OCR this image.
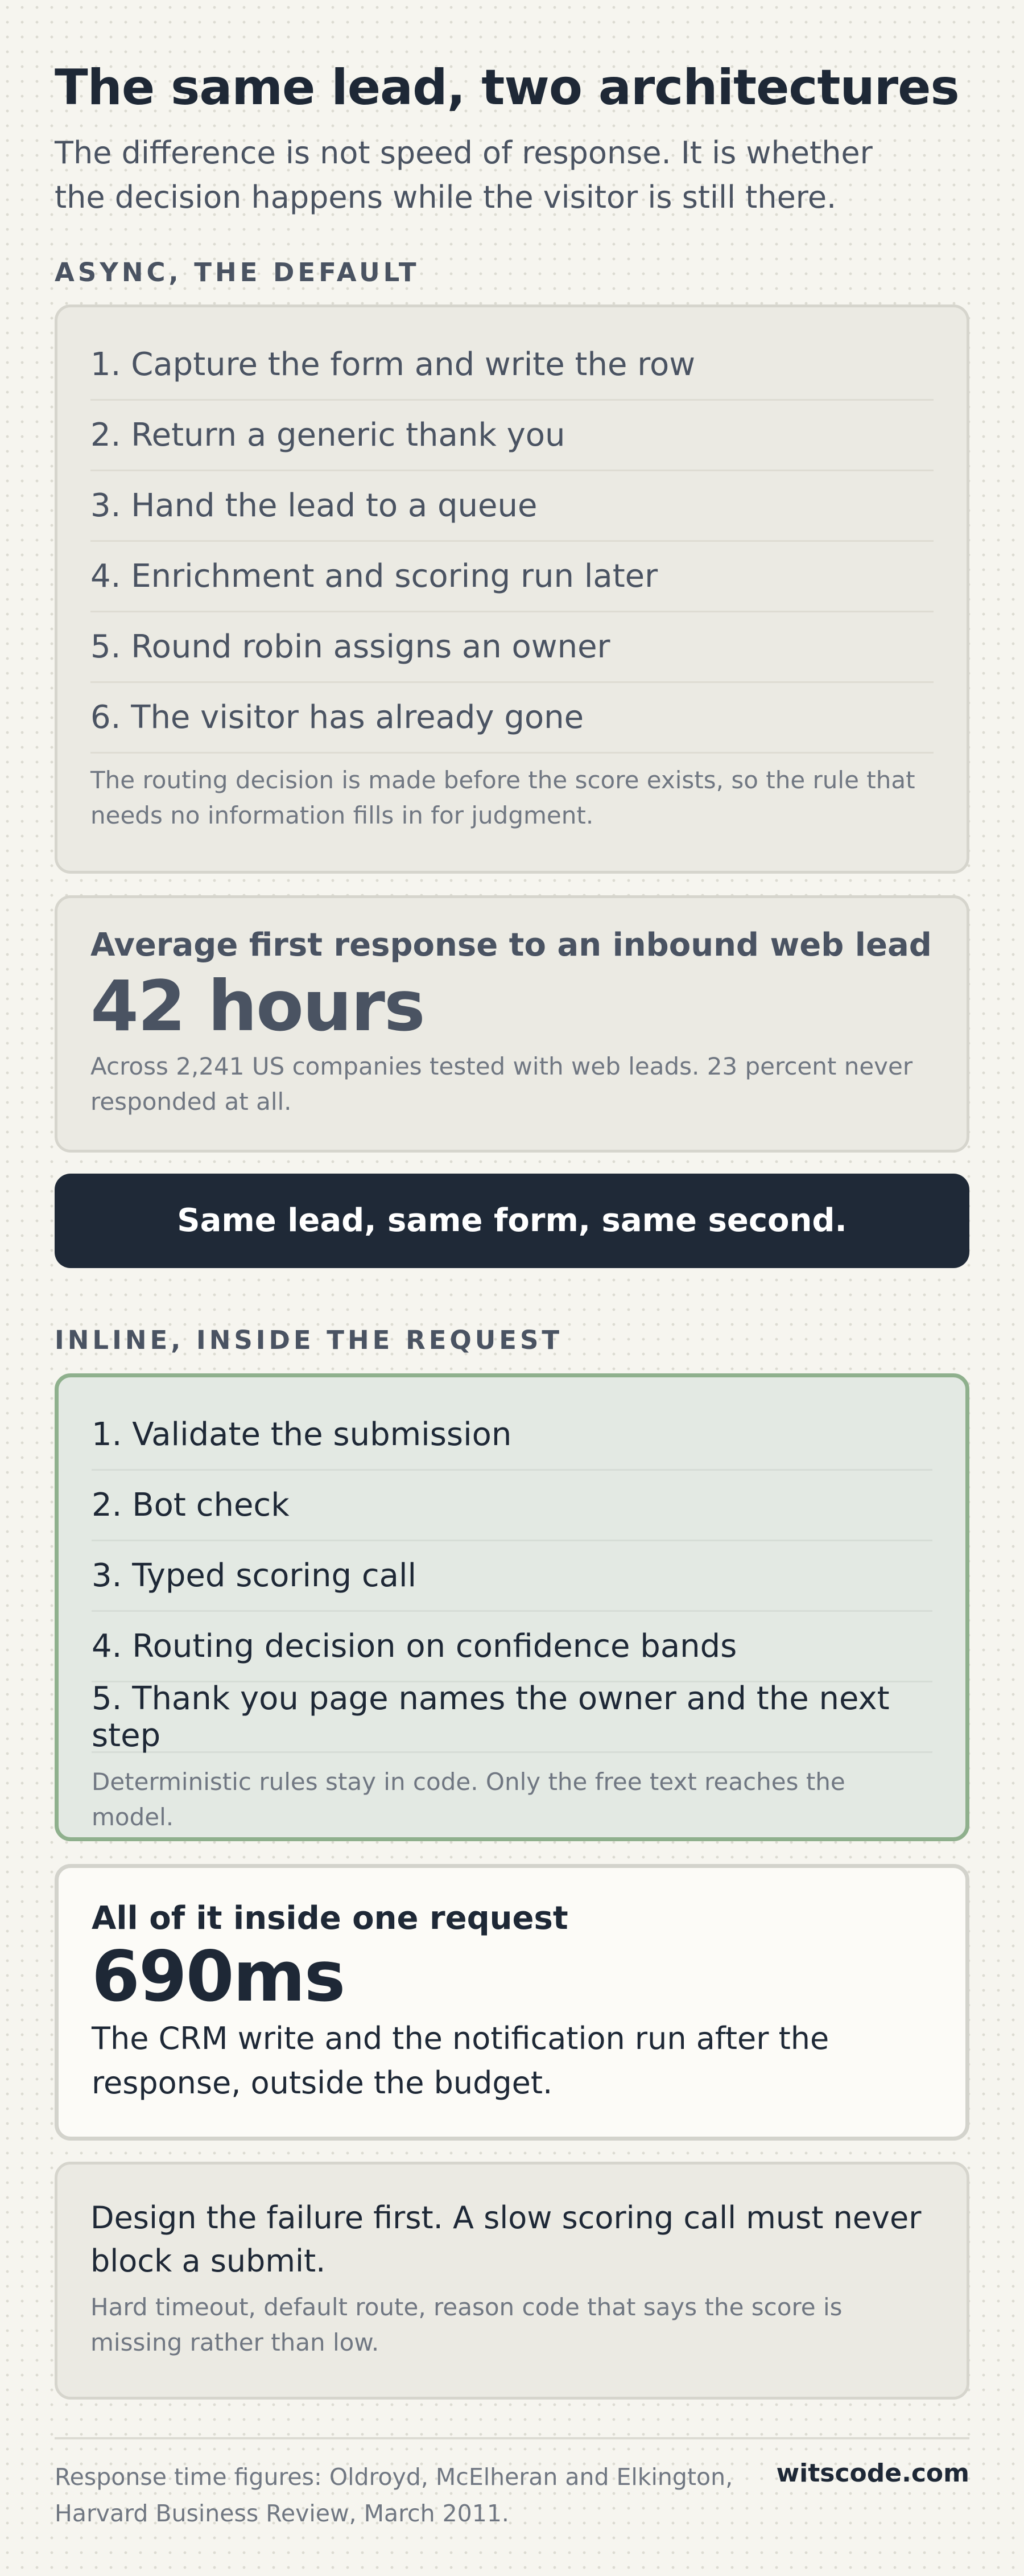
The same lead, two architectures

The difference is not speed of response. It is whether the decision happens while the visitor is still there.

ASYNC, THE DEFAULT
1. Capture the form and write the row
2. Return a generic thank you
3. Hand the lead to a queue
4. Enrichment and scoring run later
5. Round robin assigns an owner
6. The visitor has already gone

The routing decision is made before the score exists, so the rule that needs no information fills in for judgment.

Average first response to an inbound web lead

42 hours

Across 2,241 US companies tested with web leads. 23 percent never responded at all.

Same lead, same form, same second.
INLINE, INSIDE THE REQUEST
1. Validate the submission
2. Bot check
3. Typed scoring call
4. Routing decision on confidence bands
5. Thank you page names the owner and the next step

Deterministic rules stay in code. Only the free text reaches the model.

All of it inside one request

690ms

The CRM write and the notification run after the response, outside the budget.

Design the failure first. A slow scoring call must never block a submit.

Hard timeout, default route, reason code that says the score is missing rather than low.

Response time figures: Oldroyd, McElheran and Elkington, Harvard Business Review, March 2011.

witscode.com
